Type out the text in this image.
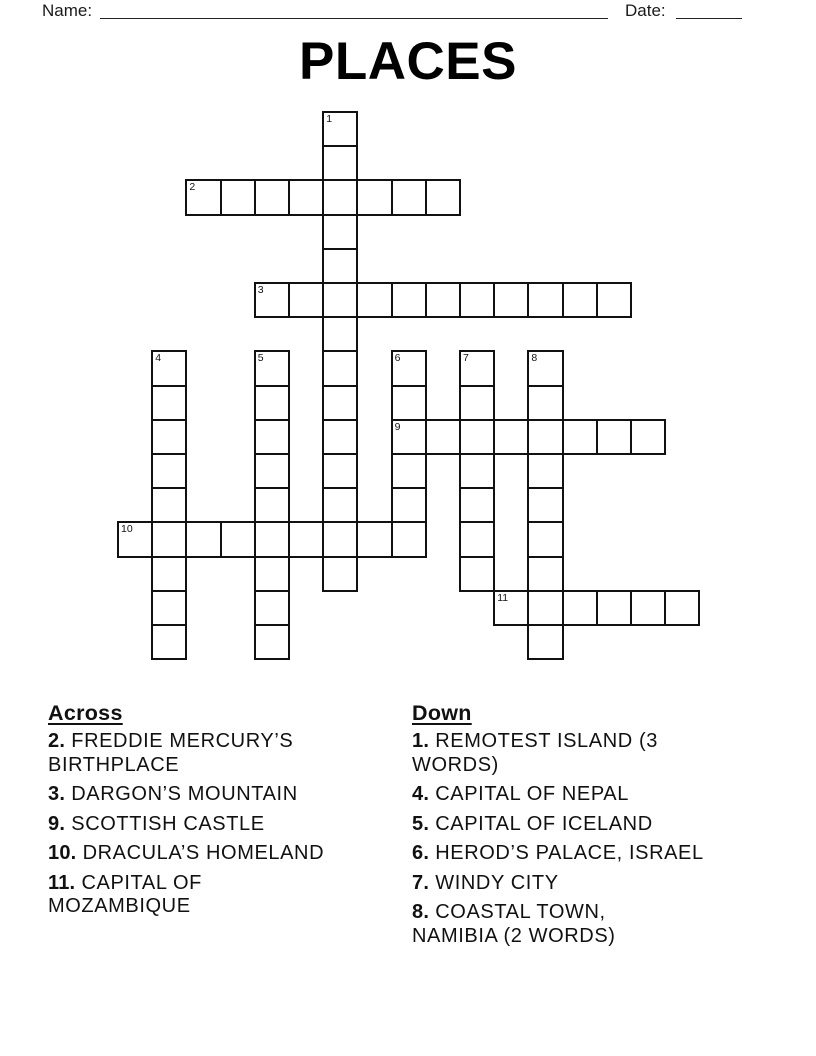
Name:	Date:
PLACES
1
2
3
4	5	6
9
7	8
10
11
Across
2. FREDDIE MERCURY’S
BIRTHPLACE
3. DARGON’S MOUNTAIN
9. SCOTTISH CASTLE
10. DRACULA’S HOMELAND
11. CAPITAL OF
MOZAMBIQUE
Down
1. REMOTEST ISLAND (3
WORDS)
4. CAPITAL OF NEPAL
5. CAPITAL OF ICELAND
6. HEROD’S PALACE, ISRAEL
7. WINDY CITY
8. COASTAL TOWN,
NAMIBIA (2 WORDS)
